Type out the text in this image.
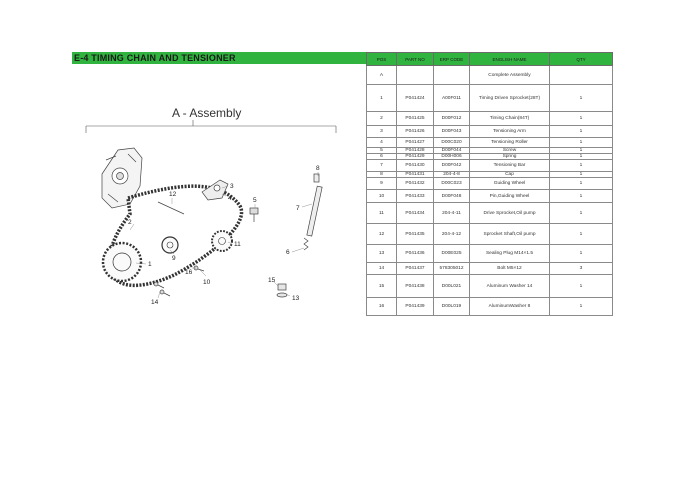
E-4 TIMING CHAIN AND TENSIONER
A - Assembly
1
2
3
4	5
6
7
8
9
10
11
12
13
14
15
16
POS	PART NO	ERP CODE	ENGLISH NAME	QTY
A			Complete Assembly	
1	P041424	A00F011	Timing Driven Sprocket(28T)	1
2	P041425	D00F012	Timing Chain(84T)	1
3	P041426	D00F043	Tensioning Arm	1
4	P041427	D00C020	Tensioning Roller	1
5	P041428	D00F044	Screw	1
6	P041429	D00H006	Spring	1
7	P041430	D00F042	Tensioning Bar	1
8	P041431	204-4-8	Cap	1
9	P041432	D00C023	Guiding Wheel	1
10	P041433	D00F048	Pin,Guiding Wheel	1
11	P041434	204-4-11	Drive Sprocket,Oil pump	1
12	P041435	204-4-12	Sprocket Shaft,Oil pump	1
13	P041436	D00E025	Sealing Plug M14×1.5	1
14	P041437	578305012	Bolt M5×12	3
15	P041438	D00L021	Aluminum Washer 14	1
16	P041439	D00L019	AluminumWasher 8	1
